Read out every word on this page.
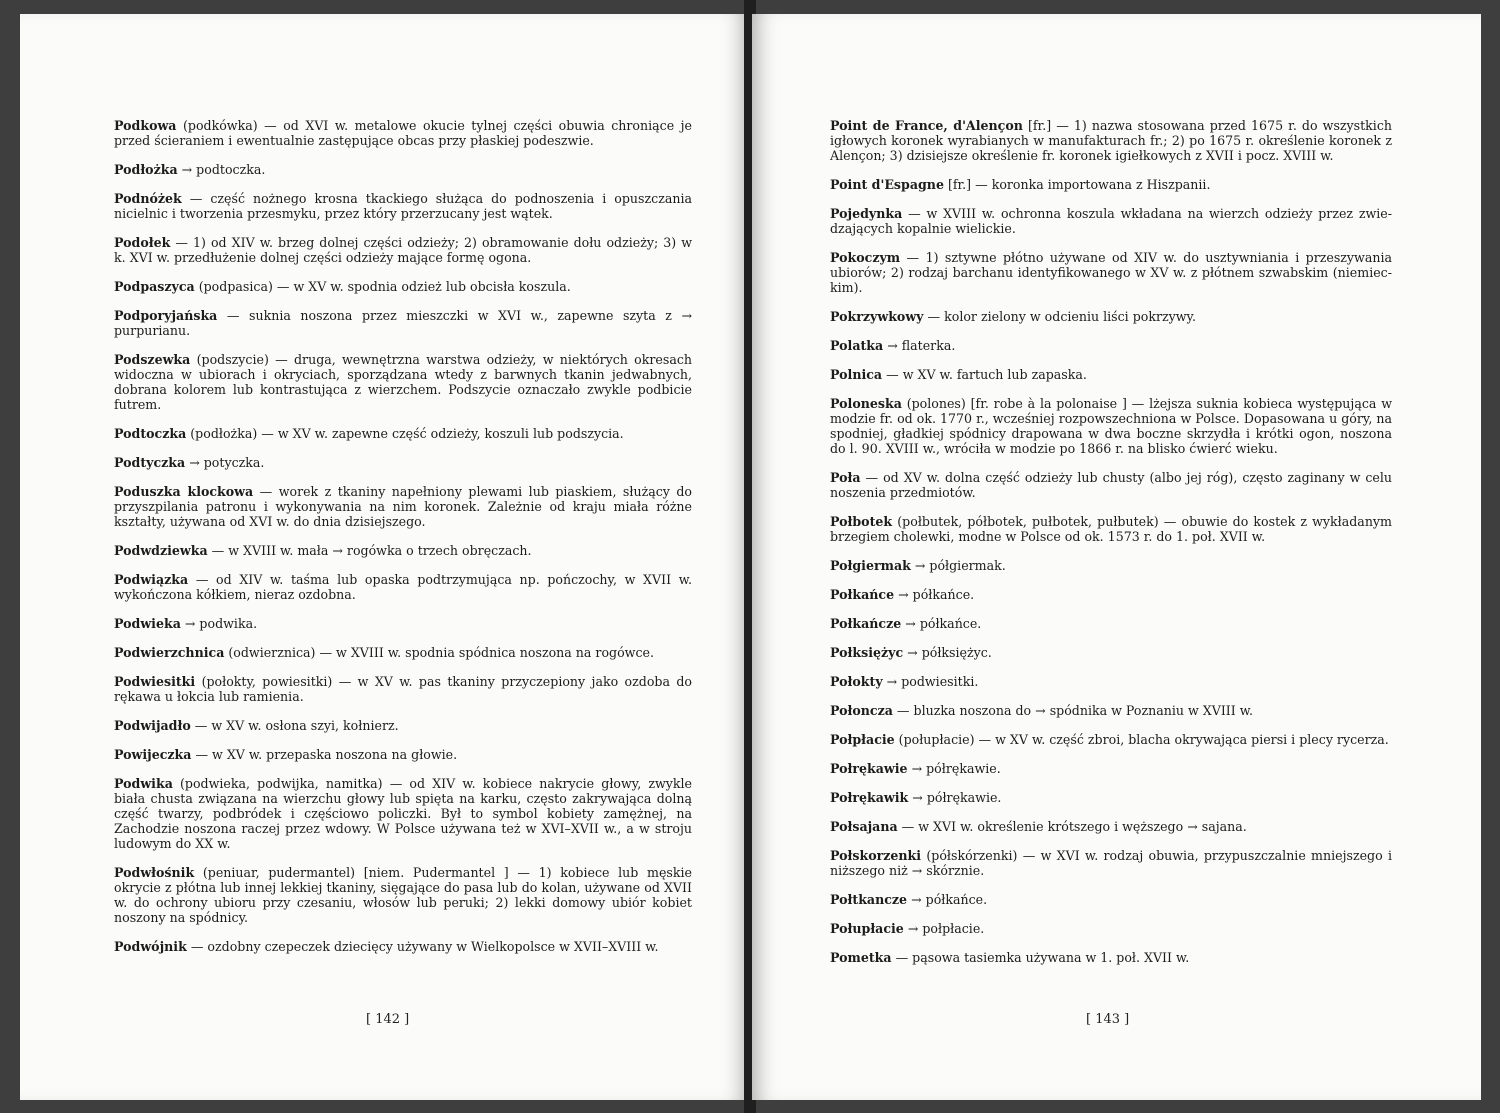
Podkowa (podkówka) — od XVI w. metalowe okucie tylnej części obuwia chroniące je przed ścieraniem i ewentualnie zastępujące obcas przy płaskiej podeszwie.

Podłożka → podtoczka.

Podnóżek — część nożnego krosna tkackiego służąca do podnoszenia i opuszczania nicielnic i tworzenia przesmyku, przez który przerzucany jest wątek.

Podołek — 1) od XIV w. brzeg dolnej części odzieży; 2) obramowanie dołu odzieży; 3) w k. XVI w. przedłużenie dolnej części odzieży mające formę ogona.

Podpaszyca (podpasica) — w XV w. spodnia odzież lub obcisła koszula.

Podporyjańska — suknia noszona przez mieszczki w XVI w., zapewne szyta z → purpurianu.

Podszewka (podszycie) — druga, wewnętrzna warstwa odzieży, w niektórych okresach widoczna w ubiorach i okryciach, sporządzana wtedy z barwnych tkanin jedwabnych, dobrana kolorem lub kontrastująca z wierzchem. Podszycie oznaczało zwykle podbicie futrem.

Podtoczka (podłożka) — w XV w. zapewne część odzieży, koszuli lub podszycia.

Podtyczka → potyczka.

Poduszka klockowa — worek z tkaniny napełniony plewami lub piaskiem, służący do przyszpilania patronu i wykonywania na nim koronek. Zależnie od kraju miała różne kształty, używana od XVI w. do dnia dzisiejszego.

Podwdziewka — w XVIII w. mała → rogówka o trzech obręczach.

Podwiązka — od XIV w. taśma lub opaska podtrzymująca np. pończochy, w XVII w. wykończona kółkiem, nieraz ozdobna.

Podwieka → podwika.

Podwierzchnica (odwierznica) — w XVIII w. spodnia spódnica noszona na rogówce.

Podwiesitki (połokty, powiesitki) — w XV w. pas tkaniny przyczepiony jako ozdoba do rękawa u łokcia lub ramienia.

Podwijadło — w XV w. osłona szyi, kołnierz.

Powijeczka — w XV w. przepaska noszona na głowie.

Podwika (podwieka, podwijka, namitka) — od XIV w. kobiece nakrycie głowy, zwykle biała chusta związana na wierzchu głowy lub spięta na karku, często zakrywająca dolną część twarzy, podbródek i częściowo policzki. Był to symbol kobiety zamężnej, na Zachodzie noszona raczej przez wdowy. W Polsce używana też w XVI–XVII w., a w stroju ludowym do XX w.

Podwłośnik (peniuar, pudermantel) [niem. Pudermantel ] — 1) kobiece lub męskie okrycie z płótna lub innej lekkiej tkaniny, sięgające do pasa lub do kolan, używane od XVII w. do ochrony ubioru przy czesaniu, włosów lub peruki; 2) lekki domowy ubiór kobiet noszony na spódnicy.

Podwójnik — ozdobny czepeczek dziecięcy używany w Wielkopolsce w XVII–XVIII w.

[ 142 ]

Point de France, d'Alençon [fr.] — 1) nazwa stosowana przed 1675 r. do wszystkich igłowych koronek wyrabianych w manufakturach fr.; 2) po 1675 r. określenie koronek z Alençon; 3) dzisiejsze określenie fr. koronek igiełkowych z XVII i pocz. XVIII w.

Point d'Espagne [fr.] — koronka importowana z Hiszpanii.

Pojedynka — w XVIII w. ochronna koszula wkładana na wierzch odzieży przez zwie-dzających kopalnie wielickie.

Pokoczym — 1) sztywne płótno używane od XIV w. do usztywniania i przeszywania ubiorów; 2) rodzaj barchanu identyfikowanego w XV w. z płótnem szwabskim (niemiec-kim).

Pokrzywkowy — kolor zielony w odcieniu liści pokrzywy.

Polatka → flaterka.

Polnica — w XV w. fartuch lub zapaska.

Poloneska (polones) [fr. robe à la polonaise ] — lżejsza suknia kobieca występująca w modzie fr. od ok. 1770 r., wcześniej rozpowszechniona w Polsce. Dopasowana u góry, na spodniej, gładkiej spódnicy drapowana w dwa boczne skrzydła i krótki ogon, noszona do l. 90. XVIII w., wróciła w modzie po 1866 r. na blisko ćwierć wieku.

Poła — od XV w. dolna część odzieży lub chusty (albo jej róg), często zaginany w celu noszenia przedmiotów.

Połbotek (połbutek, półbotek, pułbotek, pułbutek) — obuwie do kostek z wykładanym brzegiem cholewki, modne w Polsce od ok. 1573 r. do 1. poł. XVII w.

Połgiermak → półgiermak.

Połkańce → półkańce.

Połkańcze → półkańce.

Połksiężyc → półksiężyc.

Połokty → podwiesitki.

Połoncza — bluzka noszona do → spódnika w Poznaniu w XVIII w.

Połpłacie (połupłacie) — w XV w. część zbroi, blacha okrywająca piersi i plecy rycerza.

Połrękawie → półrękawie.

Połrękawik → półrękawie.

Połsajana — w XVI w. określenie krótszego i węższego → sajana.

Połskorzenki (półskórzenki) — w XVI w. rodzaj obuwia, przypuszczalnie mniejszego i niższego niż → skórznie.

Połtkancze → półkańce.

Połupłacie → połpłacie.

Pometka — pąsowa tasiemka używana w 1. poł. XVII w.

[ 143 ]
